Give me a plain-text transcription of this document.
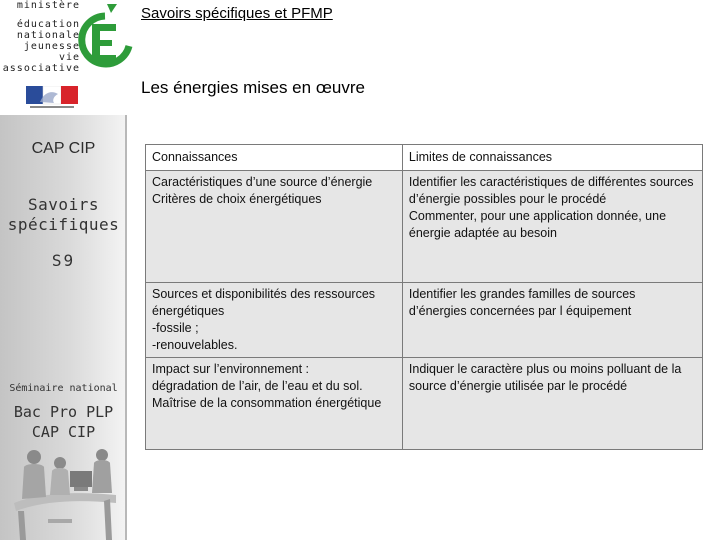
ministère
éducation
nationale
jeunesse
vie associative
Savoirs spécifiques et PFMP
Les énergies mises en œuvre
CAP CIP
Savoirs
spécifiques
S9
Séminaire national
Bac Pro PLP
CAP CIP
Connaissances	Limites de connaissances

Caractéristiques d’une source d’énergie
Critères de choix énergétiques	Identifier les caractéristiques de différentes sources d’énergie possibles pour le procédé
Commenter, pour une application donnée, une énergie adaptée au besoin

Sources et disponibilités des ressources énergétiques
-fossile ;
-renouvelables.	Identifier les grandes familles de sources d’énergies concernées par l équipement

Impact sur l’environnement :
dégradation de l’air, de l’eau et du sol.
Maîtrise de la consommation énergétique	Indiquer le caractère plus ou moins polluant de la source d’énergie utilisée par le procédé
